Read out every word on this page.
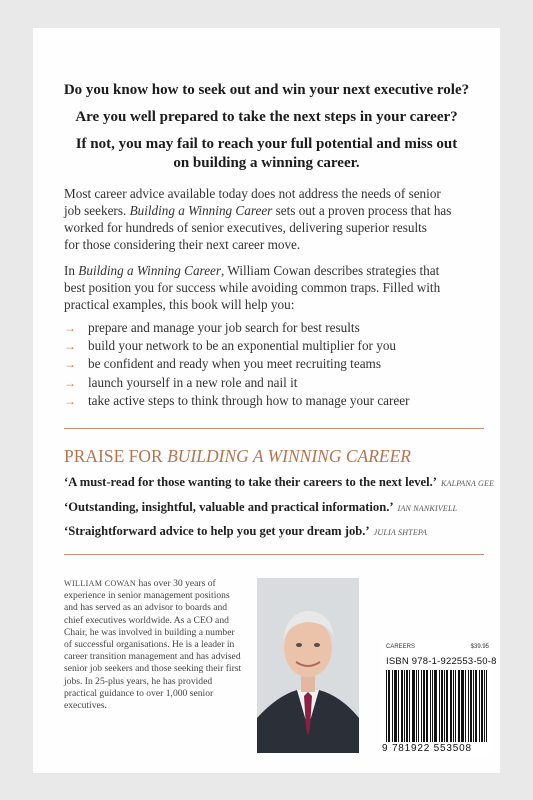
Do you know how to seek out and win your next executive role?
Are you well prepared to take the next steps in your career?
If not, you may fail to reach your full potential and miss out
on building a winning career.
Most career advice available today does not address the needs of senior
job seekers. Building a Winning Career sets out a proven process that has
worked for hundreds of senior executives, delivering superior results
for those considering their next career move.
In Building a Winning Career, William Cowan describes strategies that
best position you for success while avoiding common traps. Filled with
practical examples, this book will help you:
→ prepare and manage your job search for best results
→ build your network to be an exponential multiplier for you
→ be confident and ready when you meet recruiting teams
→ launch yourself in a new role and nail it
→ take active steps to think through how to manage your career
PRAISE FOR BUILDING A WINNING CAREER
‘A must-read for those wanting to take their careers to the next level.’ KALPANA GEE
‘Outstanding, insightful, valuable and practical information.’ IAN NANKIVELL
‘Straightforward advice to help you get your dream job.’ JULIA SHTEPA
WILLIAM COWAN has over 30 years of experience in senior management positions and has served as an advisor to boards and chief executives worldwide. As a CEO and Chair, he was involved in building a number of successful organisations. He is a leader in career transition management and has advised senior job seekers and those seeking their first jobs. In 25-plus years, he has provided practical guidance to over 1,000 senior executives.
CAREERS	$39.95
ISBN 978-1-922553-50-8
9 781922 553508
